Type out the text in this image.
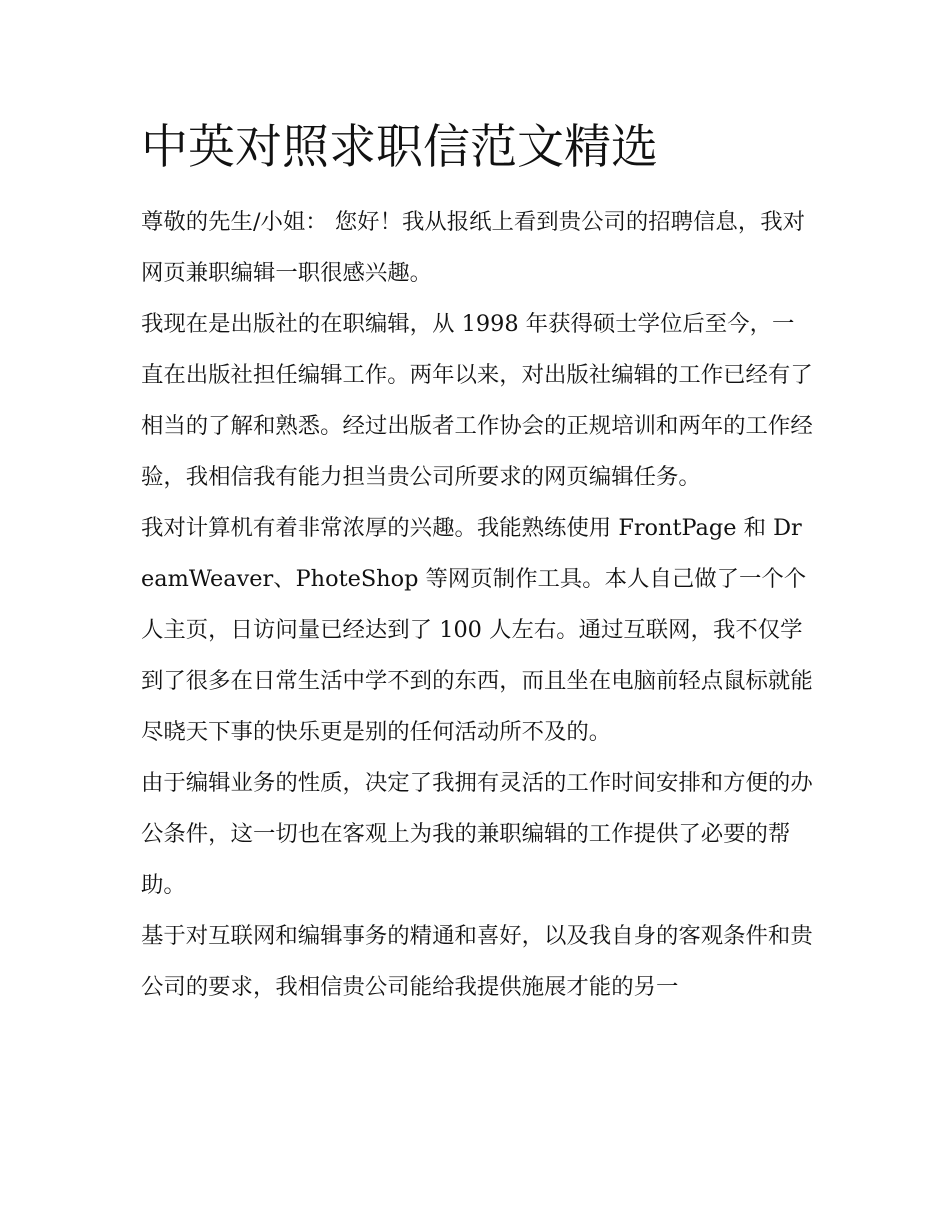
中英对照求职信范文精选

尊敬的先生/小姐： 您好！我从报纸上看到贵公司的招聘信息，我对网页兼职编辑一职很感兴趣。

我现在是出版社的在职编辑，从 1998 年获得硕士学位后至今，一直在出版社担任编辑工作。两年以来，对出版社编辑的工作已经有了相当的了解和熟悉。经过出版者工作协会的正规培训和两年的工作经验，我相信我有能力担当贵公司所要求的网页编辑任务。

我对计算机有着非常浓厚的兴趣。我能熟练使用 FrontPage 和 DreamWeaver、PhoteShop 等网页制作工具。本人自己做了一个个人主页，日访问量已经达到了 100 人左右。通过互联网，我不仅学到了很多在日常生活中学不到的东西，而且坐在电脑前轻点鼠标就能尽晓天下事的快乐更是别的任何活动所不及的。

由于编辑业务的性质，决定了我拥有灵活的工作时间安排和方便的办公条件，这一切也在客观上为我的兼职编辑的工作提供了必要的帮助。

基于对互联网和编辑事务的精通和喜好，以及我自身的客观条件和贵公司的要求，我相信贵公司能给我提供施展才能的另一
